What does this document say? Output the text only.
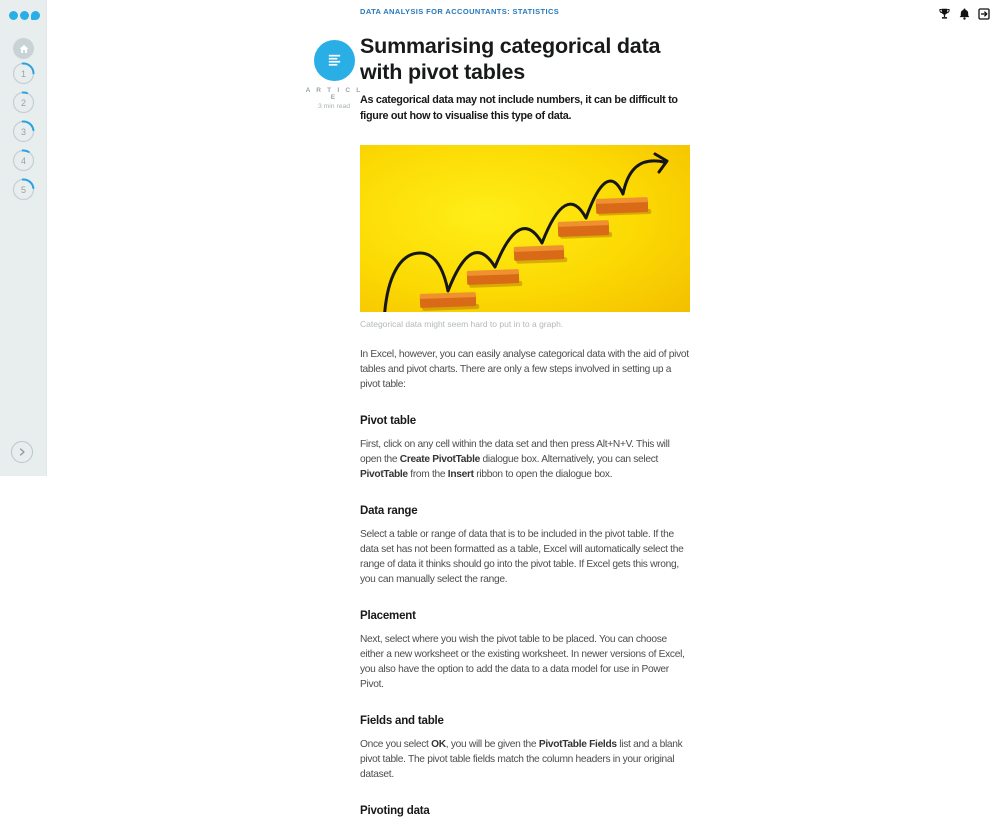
1
2
3
4
5
DATA ANALYSIS FOR ACCOUNTANTS: STATISTICS
A R T I C L E
3 min read
Summarising categorical data with pivot tables
As categorical data may not include numbers, it can be difficult to figure out how to visualise this type of data.
Categorical data might seem hard to put in to a graph.

In Excel, however, you can easily analyse categorical data with the aid of pivot tables and pivot charts. There are only a few steps involved in setting up a pivot table:

Pivot table

First, click on any cell within the data set and then press Alt+N+V. This will open the Create PivotTable dialogue box. Alternatively, you can select PivotTable from the Insert ribbon to open the dialogue box.

Data range

Select a table or range of data that is to be included in the pivot table. If the data set has not been formatted as a table, Excel will automatically select the range of data it thinks should go into the pivot table. If Excel gets this wrong, you can manually select the range.

Placement

Next, select where you wish the pivot table to be placed. You can choose either a new worksheet or the existing worksheet. In newer versions of Excel, you also have the option to add the data to a data model for use in Power Pivot.

Fields and table

Once you select OK, you will be given the PivotTable Fields list and a blank pivot table. The pivot table fields match the column headers in your original dataset.

Pivoting data
